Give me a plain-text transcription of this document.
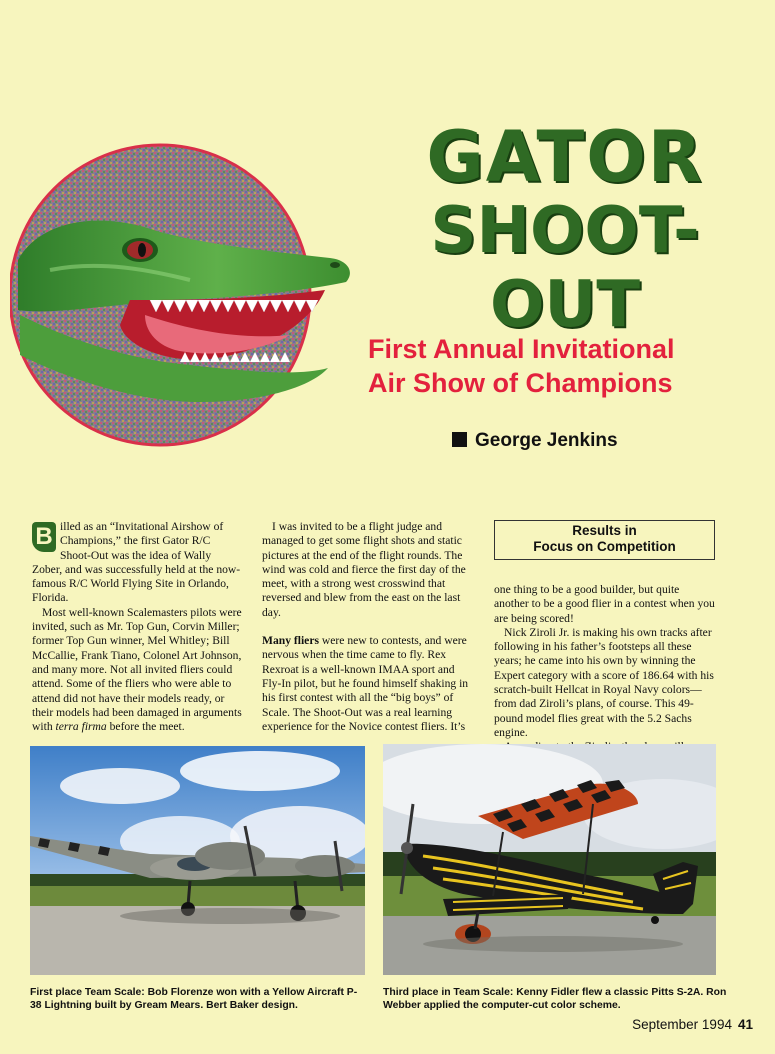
GATOR
SHOOT-OUT
First Annual Invitational
Air Show of Champions
George Jenkins

B illed as an “Invitational Airshow of Champions,” the first Gator R/C Shoot-Out was the idea of Wally Zober, and was successfully held at the now-famous R/C World Flying Site in Orlando, Florida.

Most well-known Scalemasters pilots were invited, such as Mr. Top Gun, Corvin Miller; former Top Gun winner, Mel Whitley; Bill McCallie, Frank Tiano, Colonel Art Johnson, and many more. Not all invited fliers could attend. Some of the fliers who were able to attend did not have their models ready, or their models had been damaged in arguments with terra firma before the meet.

I was invited to be a flight judge and managed to get some flight shots and static pictures at the end of the flight rounds. The wind was cold and fierce the first day of the meet, with a strong west crosswind that reversed and blew from the east on the last day.

Many fliers were new to contests, and were nervous when the time came to fly. Rex Rexroat is a well-known IMAA sport and Fly-In pilot, but he found himself shaking in his first contest with all the “big boys” of Scale. The Shoot-Out was a real learning experience for the Novice contest fliers. It’s

Results in
Focus on Competition

one thing to be a good builder, but quite another to be a good flier in a contest when you are being scored!

Nick Ziroli Jr. is making his own tracks after following in his father’s footsteps all these years; he came into his own by winning the Expert category with a score of 186.64 with his scratch-built Hellcat in Royal Navy colors—from dad Ziroli’s plans, of course. This 49-pound model flies great with the 5.2 Sachs engine.

First place Team Scale: Bob Florenze won with a Yellow Aircraft P-38 Lightning built by Gream Mears. Bert Baker design.
Third place in Team Scale: Kenny Fidler flew a classic Pitts S-2A. Ron Webber applied the computer-cut color scheme.
September 1994 41
